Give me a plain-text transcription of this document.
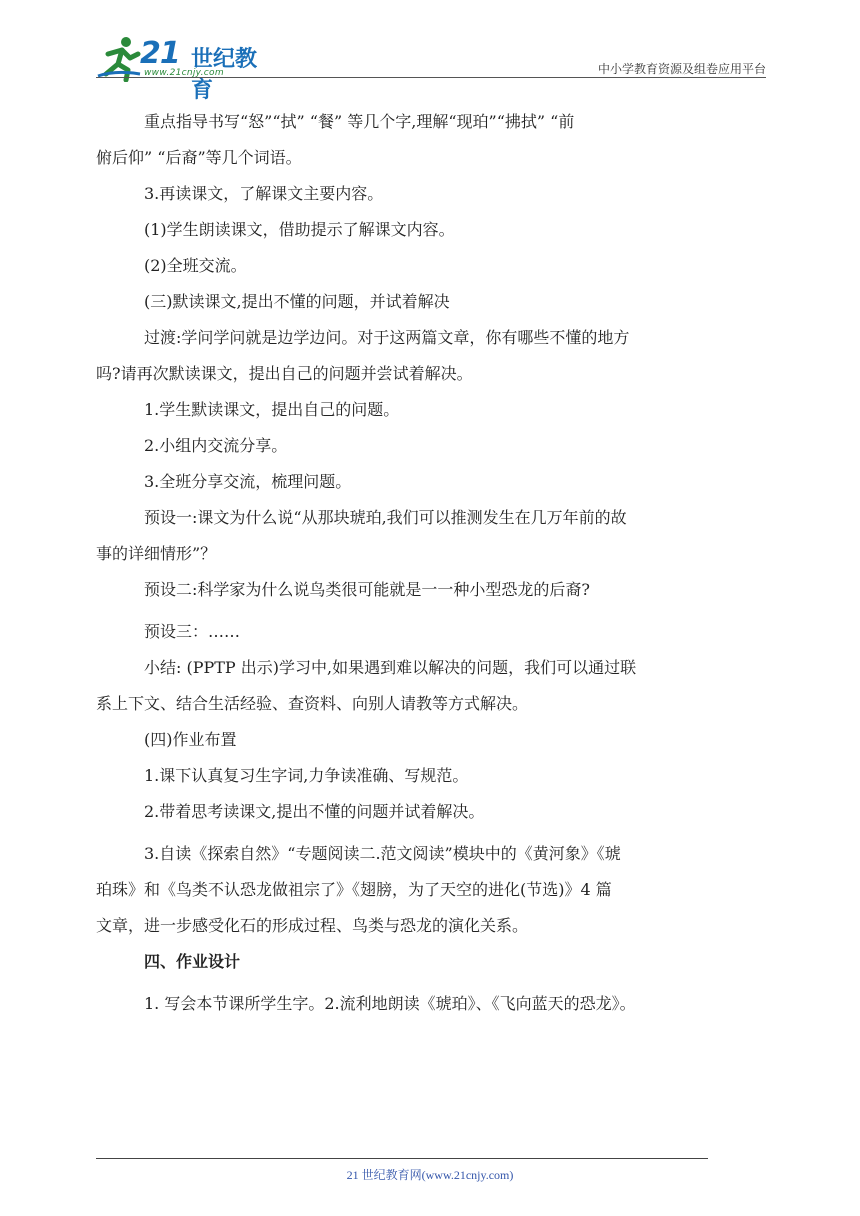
21 世纪教育
www.21cnjy.com	中小学教育资源及组卷应用平台
重点指导书写“怒”“拭” “餐” 等几个字,理解“现珀”“拂拭” “前
俯后仰” “后裔”等几个词语。
3.再读课文，了解课文主要内容。
(1)学生朗读课文，借助提示了解课文内容。
(2)全班交流。
(三)默读课文,提出不懂的问题，并试着解决
过渡:学问学问就是边学边问。对于这两篇文章，你有哪些不懂的地方
吗?请再次默读课文，提出自己的问题并尝试着解决。
1.学生默读课文，提出自己的问题。
2.小组内交流分享。
3.全班分享交流，梳理问题。
预设一:课文为什么说“从那块琥珀,我们可以推测发生在几万年前的故
事的详细情形”？
预设二:科学家为什么说鸟类很可能就是一一种小型恐龙的后裔?
预设三：……
小结: (PPTP 出示)学习中,如果遇到难以解决的问题，我们可以通过联
系上下文、结合生活经验、查资料、向别人请教等方式解决。
(四)作业布置
1.课下认真复习生字词,力争读准确、写规范。
2.带着思考读课文,提出不懂的问题并试着解决。
3.自读《探索自然》“专题阅读二.范文阅读”模块中的《黄河象》《琥
珀珠》和《鸟类不认恐龙做祖宗了》《翅膀，为了天空的进化(节选)》4 篇
文章，进一步感受化石的形成过程、鸟类与恐龙的演化关系。
四、作业设计
1. 写会本节课所学生字。2.流利地朗读《琥珀》、《飞向蓝天的恐龙》。
21 世纪教育网(www.21cnjy.com)
